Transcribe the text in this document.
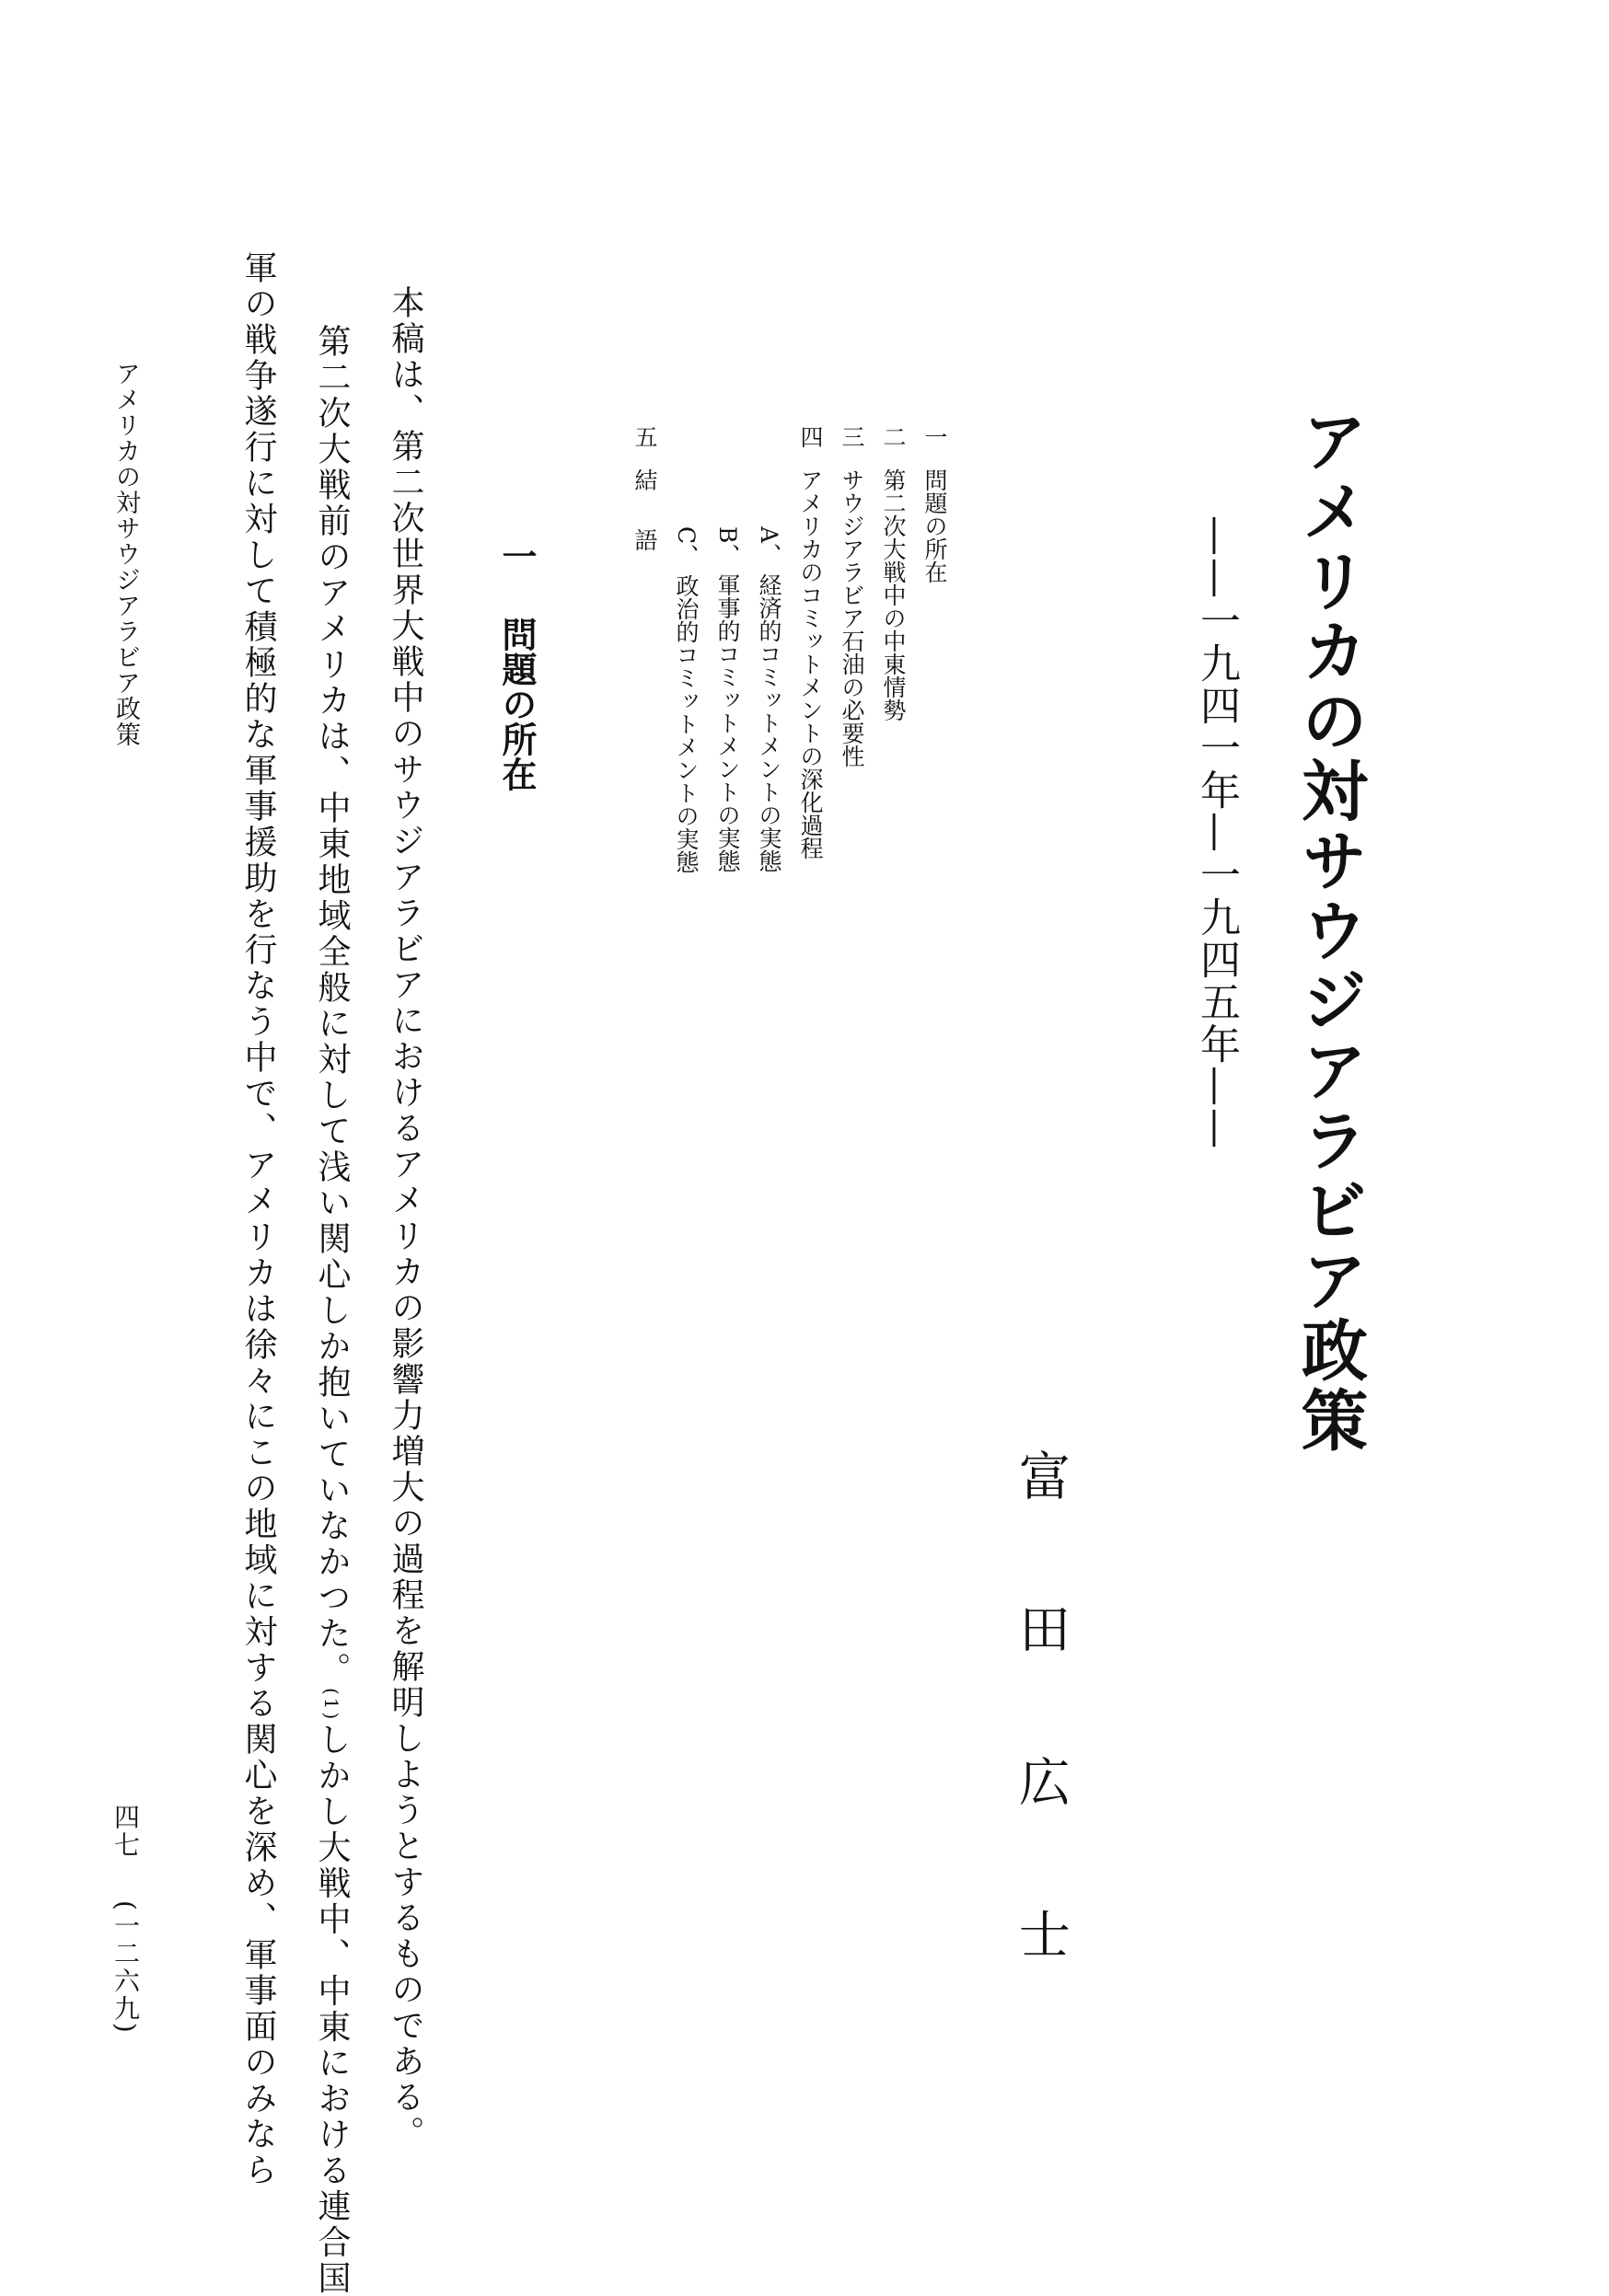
アメリカの対サウジアラビア政策
——一九四一年—一九四五年——
富田広士
一
問題の所在
二
第二次大戦中の中東情勢
三
サウジアラビア石油の必要性
四
アメリカのコミットメントの深化過程
A、
経済的コミットメントの実態
B、
軍事的コミットメントの実態
C、
政治的コミットメントの実態
五
結語
一 問題の所在

本稿は、第二次世界大戦中のサウジアラビアにおけるアメリカの影響力増大の過程を解明しようとするものである。

第二次大戦前のアメリカは、中東地域全般に対して浅い関心しか抱いていなかつた。(1)しかし大戦中、中東における連合国

軍の戦争遂行に対して積極的な軍事援助を行なう中で、アメリカは徐々にこの地域に対する関心を深め、軍事面のみなら

アメリカの対サウジアラビア政策
四七
(一二六九)
